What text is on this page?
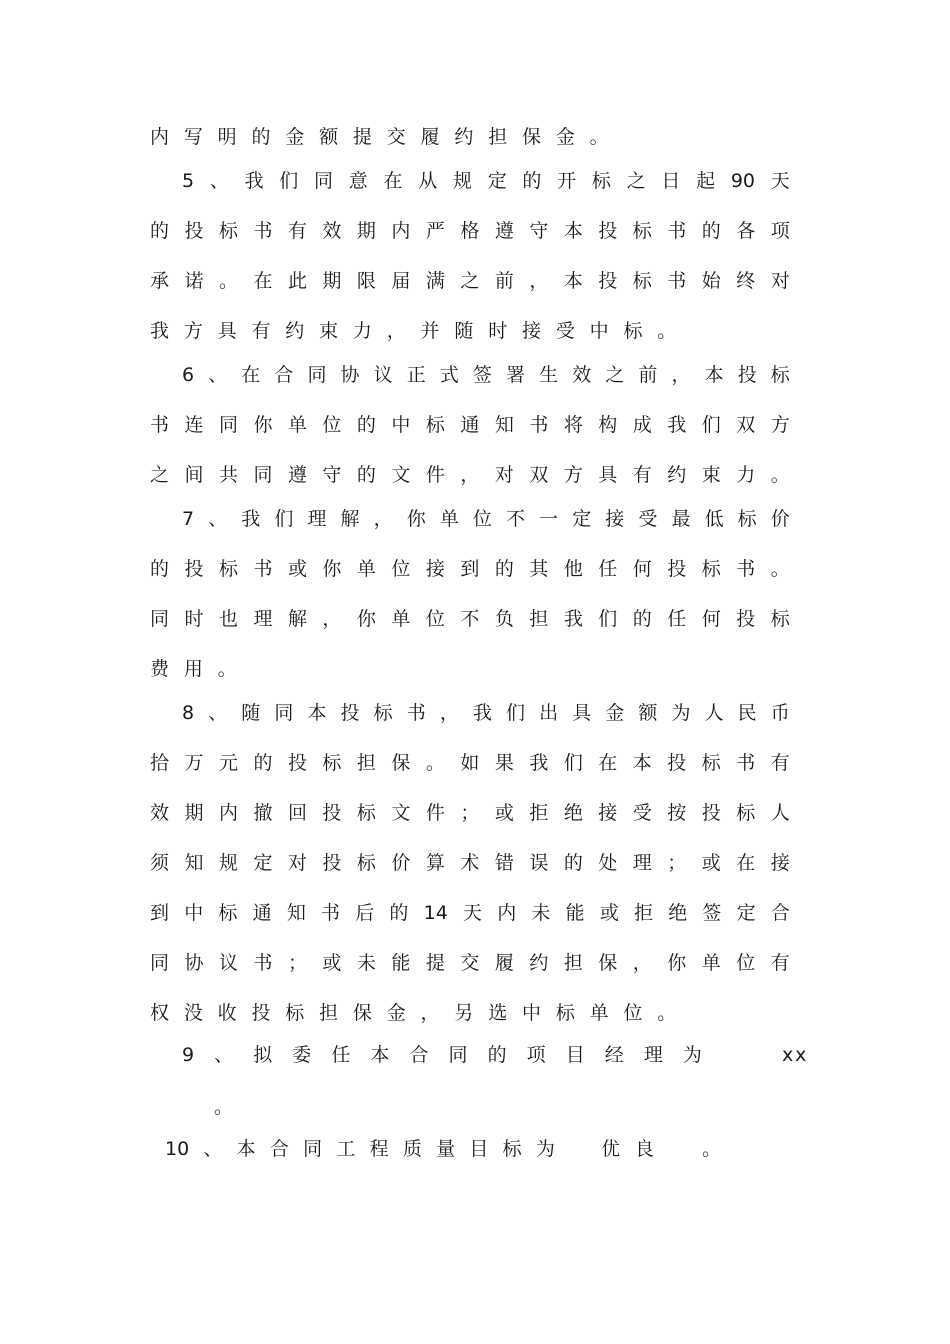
内写明的金额提交履约担保金。
5 、 我 们 同 意 在 从 规 定 的 开 标 之 日 起 90 天
的 投 标 书 有 效 期 内 严 格 遵 守 本 投 标 书 的 各 项
承 诺 。 在 此 期 限 届 满 之 前 ， 本 投 标 书 始 终 对
我方具有约束力，并随时接受中标。
6 、 在 合 同 协 议 正 式 签 署 生 效 之 前 ， 本 投 标
书 连 同 你 单 位 的 中 标 通 知 书 将 构 成 我 们 双 方
之 间 共 同 遵 守 的 文 件 ， 对 双 方 具 有 约 束 力 。
7 、 我 们 理 解 ， 你 单 位 不 一 定 接 受 最 低 标 价
的 投 标 书 或 你 单 位 接 到 的 其 他 任 何 投 标 书 。
同 时 也 理 解 ， 你 单 位 不 负 担 我 们 的 任 何 投 标
费用。
8 、 随 同 本 投 标 书 ， 我 们 出 具 金 额 为 人 民 币
拾 万 元 的 投 标 担 保 。 如 果 我 们 在 本 投 标 书 有
效 期 内 撤 回 投 标 文 件 ； 或 拒 绝 接 受 按 投 标 人
须 知 规 定 对 投 标 价 算 术 错 误 的 处 理 ； 或 在 接
到 中 标 通 知 书 后 的 14 天 内 未 能 或 拒 绝 签 定 合
同 协 议 书 ； 或 未 能 提 交 履 约 担 保 ， 你 单 位 有
权没收投标担保金，另选中标单位。
9 、 拟 委 任 本 合 同 的 项 目 经 理 为	xx
。
10 、 本 合 同 工 程 质 量 目 标 为 优良 。
